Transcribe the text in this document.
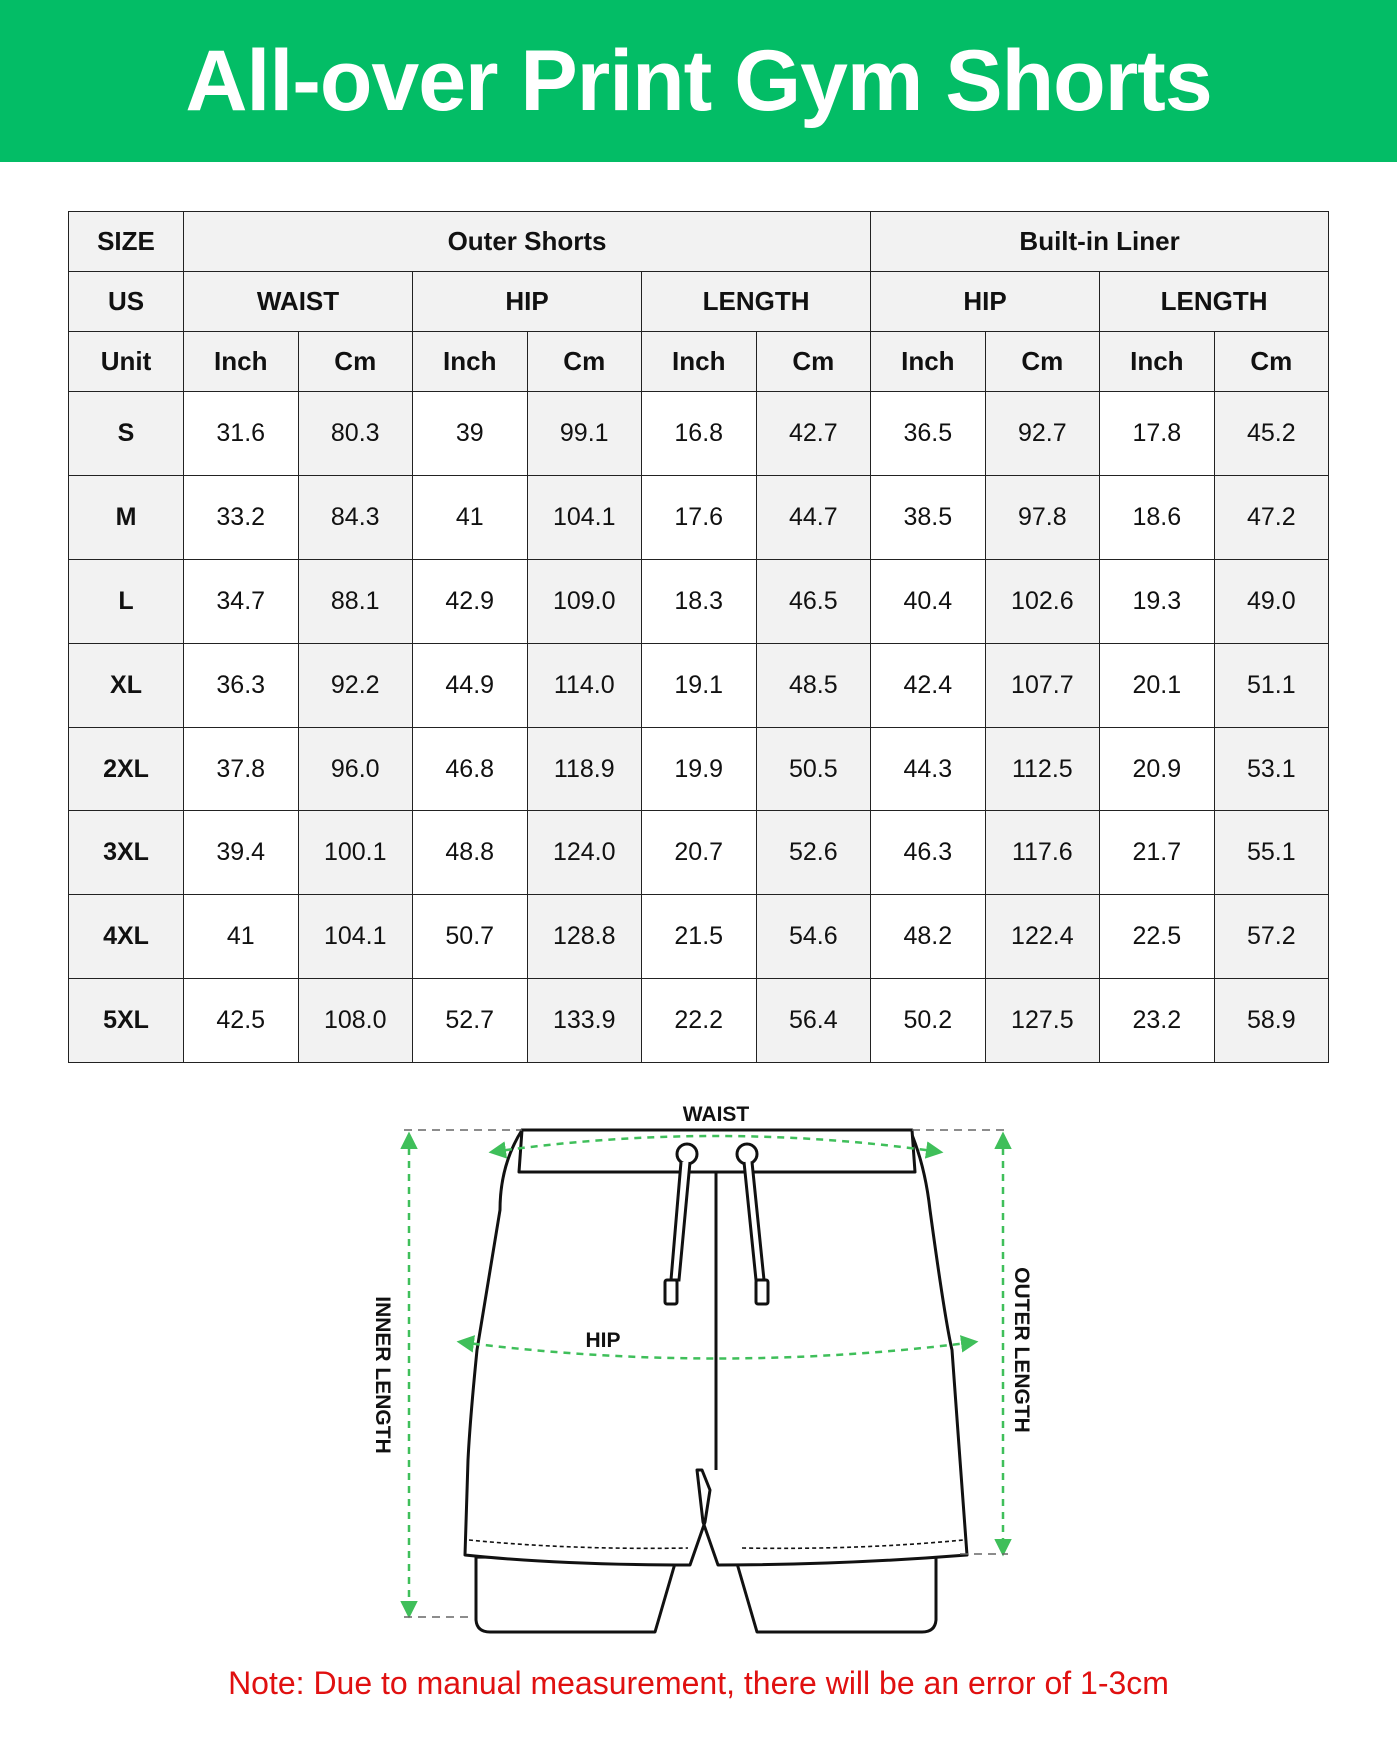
All-over Print Gym Shorts
SIZE	Outer Shorts						Built-in Liner			
US	WAIST		HIP		LENGTH		HIP		LENGTH	
Unit	Inch	Cm	Inch	Cm	Inch	Cm	Inch	Cm	Inch	Cm
S	31.6	80.3	39	99.1	16.8	42.7	36.5	92.7	17.8	45.2
M	33.2	84.3	41	104.1	17.6	44.7	38.5	97.8	18.6	47.2
L	34.7	88.1	42.9	109.0	18.3	46.5	40.4	102.6	19.3	49.0
XL	36.3	92.2	44.9	114.0	19.1	48.5	42.4	107.7	20.1	51.1
2XL	37.8	96.0	46.8	118.9	19.9	50.5	44.3	112.5	20.9	53.1
3XL	39.4	100.1	48.8	124.0	20.7	52.6	46.3	117.6	21.7	55.1
4XL	41	104.1	50.7	128.8	21.5	54.6	48.2	122.4	22.5	57.2
5XL	42.5	108.0	52.7	133.9	22.2	56.4	50.2	127.5	23.2	58.9
WAIST
HIP
INNER LENGTH	OUTER LENGTH
Note: Due to manual measurement, there will be an error of 1-3cm
